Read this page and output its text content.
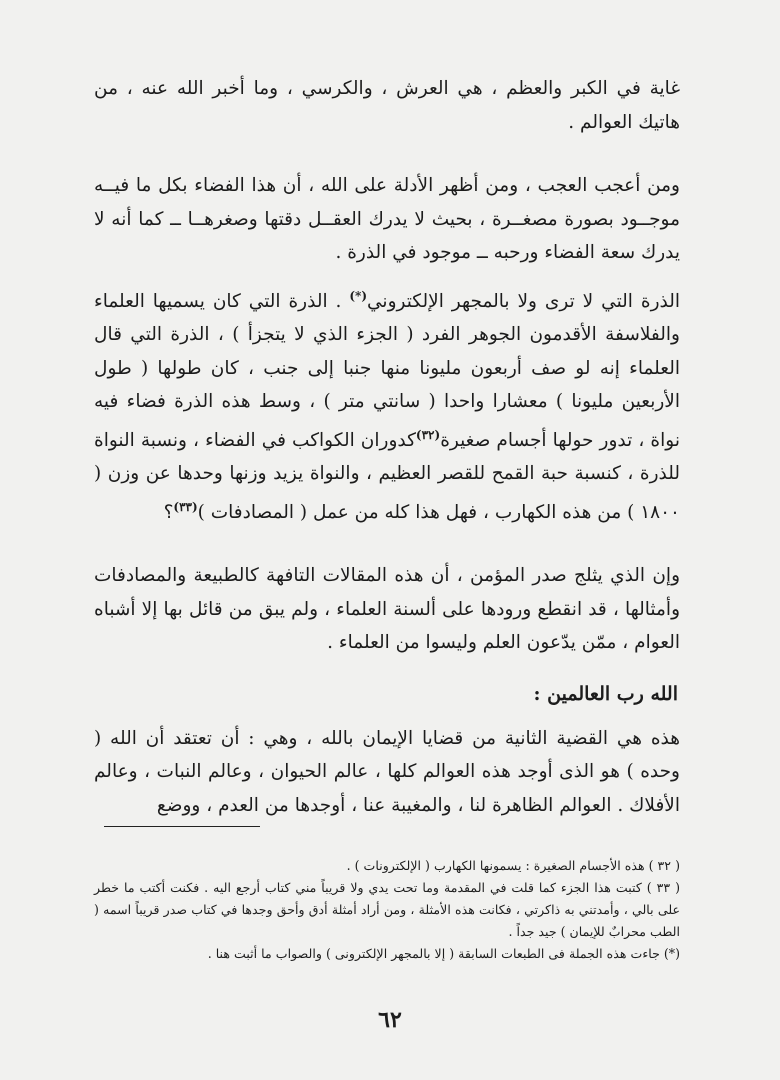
غاية في الكبر والعظم ، هي العرش ، والكرسي ، وما أخبر الله عنه ، من هاتيك العوالم .

ومن أعجب العجب ، ومن أظهر الأدلة على الله ، أن هذا الفضاء بكل ما فيــه موجــود بصورة مصغــرة ، بحيث لا يدرك العقــل دقتها وصغرهــا ــ كما أنه لا يدرك سعة الفضاء ورحبه ــ موجود في الذرة .

الذرة التي لا ترى ولا بالمجهر الإلكتروني(*) . الذرة التي كان يسميها العلماء والفلاسفة الأقدمون الجوهر الفرد ( الجزء الذي لا يتجزأ ) ، الذرة التي قال العلماء إنه لو صف أربعون مليونا منها جنبا إلى جنب ، كان طولها ( طول الأربعين مليونا ) معشارا واحدا ( سانتي متر ) ، وسط هذه الذرة فضاء فيه نواة ، تدور حولها أجسام صغيرة$^{(٣٢)}$كدوران الكواكب في الفضاء ، ونسبة النواة للذرة ، كنسبة حبة القمح للقصر العظيم ، والنواة يزيد وزنها وحدها عن وزن ( ١٨٠٠ ) من هذه الكهارب ، فهل هذا كله من عمل ( المصادفات )$^{(٣٣)}$؟

وإن الذي يثلج صدر المؤمن ، أن هذه المقالات التافهة كالطبيعة والمصادفات وأمثالها ، قد انقطع ورودها على ألسنة العلماء ، ولم يبق من قائل بها إلا أشباه العوام ، ممّن يدّعون العلم وليسوا من العلماء .

الله رب العالمين :

هذه هي القضية الثانية من قضايا الإيمان بالله ، وهي : أن تعتقد أن الله ( وحده ) هو الذى أوجد هذه العوالم كلها ، عالم الحيوان ، وعالم النبات ، وعالم الأفلاك . العوالم الظاهرة لنا ، والمغيبة عنا ، أوجدها من العدم ، ووضع

( ٣٢ ) هذه الأجسام الصغيرة : يسمونها الكهارب ( الإلكترونات ) .

( ٣٣ ) كتبت هذا الجزء كما قلت في المقدمة وما تحت يدي ولا قريباً مني كتاب أرجع اليه . فكنت أكتب ما خطر على بالي ، وأمدتني به ذاكرتي ، فكانت هذه الأمثلة ، ومن أراد أمثلة أدق وأحق وجدها في كتاب صدر قريباً اسمه ( الطب محرابٌ للإيمان ) جيد جداً .

(*) جاءت هذه الجملة فى الطبعات السابقة ( إلا بالمجهر الإلكترونى ) والصواب ما أثبت هنا .

٦٢
